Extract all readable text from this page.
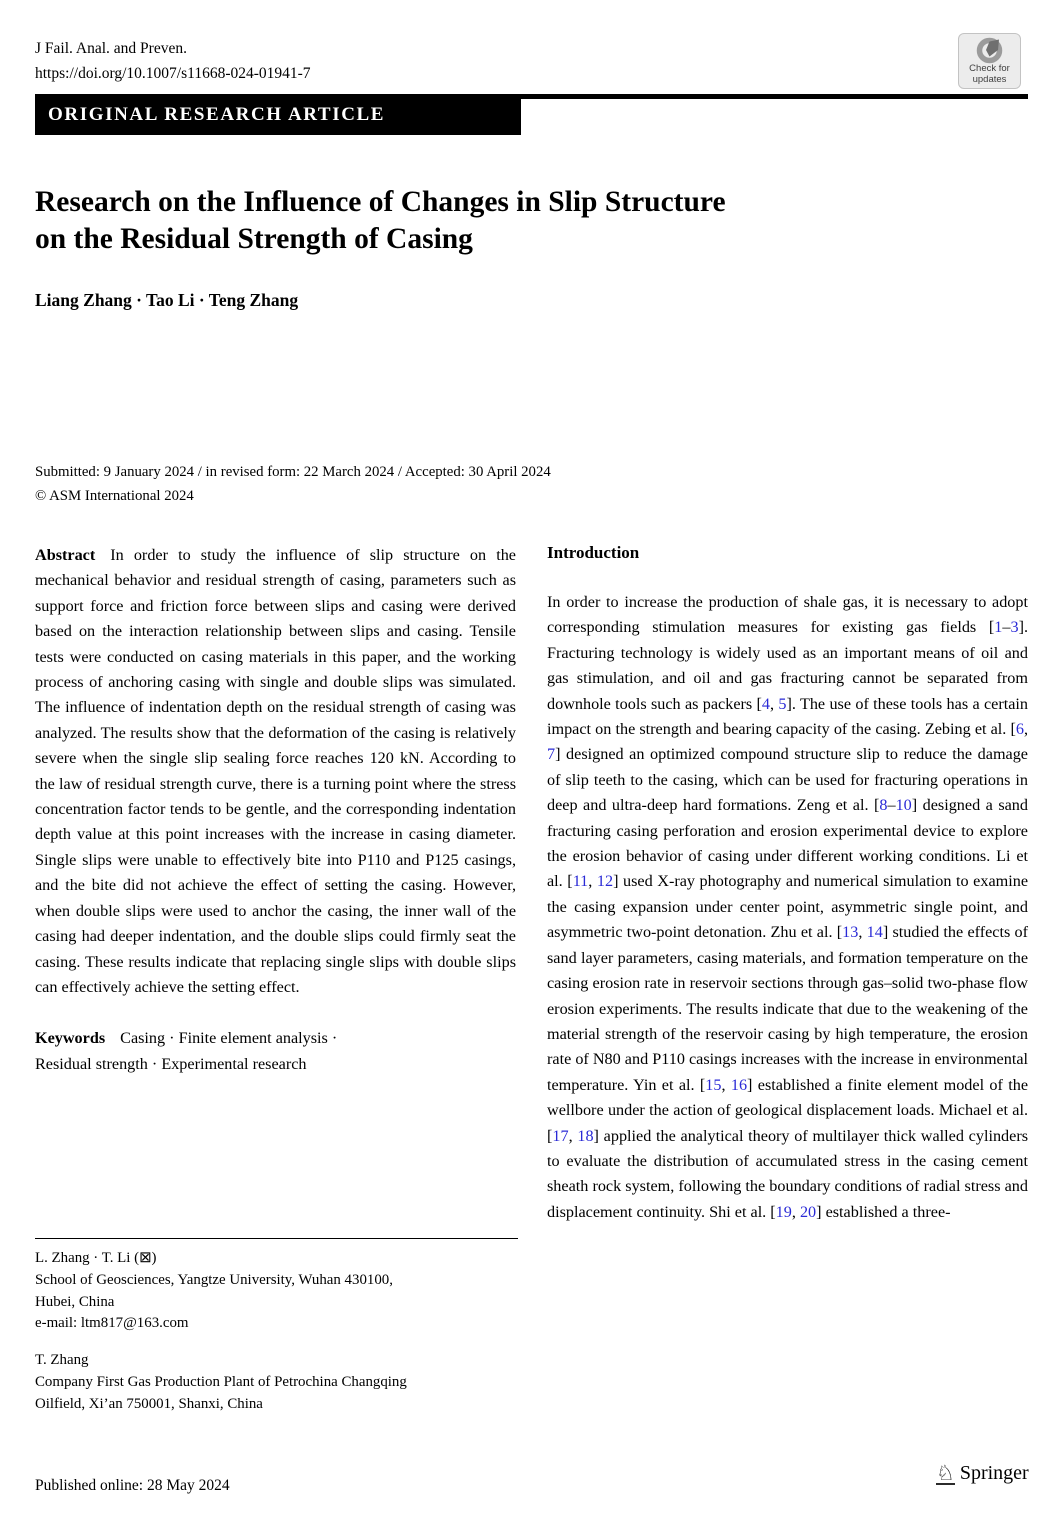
J Fail. Anal. and Preven.
https://doi.org/10.1007/s11668-024-01941-7	Check for
updates
ORIGINAL RESEARCH ARTICLE
Research on the Influence of Changes in Slip Structure
on the Residual Strength of Casing
Liang Zhang · Tao Li · Teng Zhang
Submitted: 9 January 2024 / in revised form: 22 March 2024 / Accepted: 30 April 2024
© ASM International 2024

Abstract In order to study the influence of slip structure on the mechanical behavior and residual strength of casing, parameters such as support force and friction force between slips and casing were derived based on the interaction relationship between slips and casing. Tensile tests were conducted on casing materials in this paper, and the working process of anchoring casing with single and double slips was simulated. The influence of indentation depth on the residual strength of casing was analyzed. The results show that the deformation of the casing is relatively severe when the single slip sealing force reaches 120 kN. According to the law of residual strength curve, there is a turning point where the stress concentration factor tends to be gentle, and the corresponding indentation depth value at this point increases with the increase in casing diameter. Single slips were unable to effectively bite into P110 and P125 casings, and the bite did not achieve the effect of setting the casing. However, when double slips were used to anchor the casing, the inner wall of the casing had deeper indentation, and the double slips could firmly seat the casing. These results indicate that replacing single slips with double slips can effectively achieve the setting effect.

Keywords Casing · Finite element analysis ·
Residual strength · Experimental research
Introduction

In order to increase the production of shale gas, it is necessary to adopt corresponding stimulation measures for existing gas fields [1–3]. Fracturing technology is widely used as an important means of oil and gas stimulation, and oil and gas fracturing cannot be separated from downhole tools such as packers [4, 5]. The use of these tools has a certain impact on the strength and bearing capacity of the casing. Zebing et al. [6, 7] designed an optimized compound structure slip to reduce the damage of slip teeth to the casing, which can be used for fracturing operations in deep and ultra-deep hard formations. Zeng et al. [8–10] designed a sand fracturing casing perforation and erosion experimental device to explore the erosion behavior of casing under different working conditions. Li et al. [11, 12] used X-ray photography and numerical simulation to examine the casing expansion under center point, asymmetric single point, and asymmetric two-point detonation. Zhu et al. [13, 14] studied the effects of sand layer parameters, casing materials, and formation temperature on the casing erosion rate in reservoir sections through gas–solid two-phase flow erosion experiments. The results indicate that due to the weakening of the material strength of the reservoir casing by high temperature, the erosion rate of N80 and P110 casings increases with the increase in environmental temperature. Yin et al. [15, 16] established a finite element model of the wellbore under the action of geological displacement loads. Michael et al. [17, 18] applied the analytical theory of multilayer thick walled cylinders to evaluate the distribution of accumulated stress in the casing cement sheath rock system, following the boundary conditions of radial stress and displacement continuity. Shi et al. [19, 20] established a three-

L. Zhang · T. Li (⊠)
School of Geosciences, Yangtze University, Wuhan 430100,
Hubei, China
e-mail: ltm817@163.com
T. Zhang
Company First Gas Production Plant of Petrochina Changqing
Oilfield, Xi’an 750001, Shanxi, China
Published online: 28 May 2024
♘ Springer
